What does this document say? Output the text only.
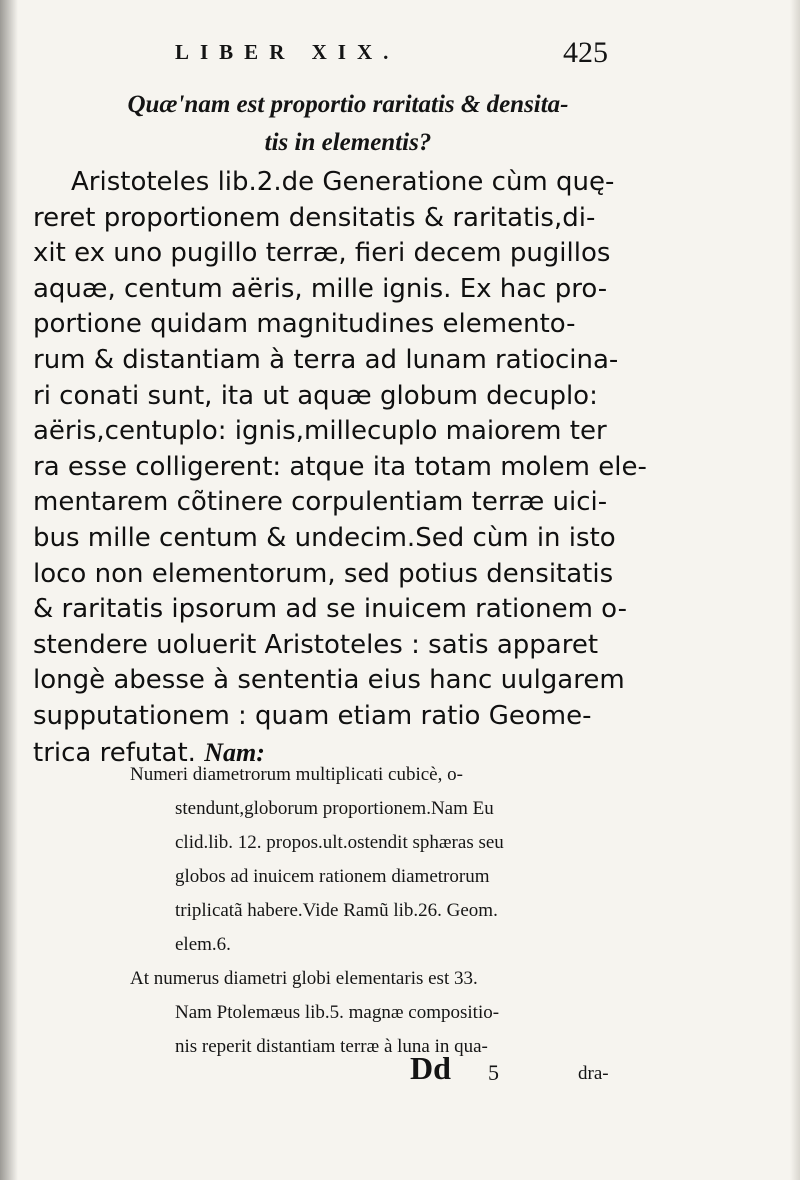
LIBER XIX.	425
Quæ'nam est proportio raritatis & densita-
tis in elementis?
Aristoteles lib.2.de Generatione cùm quę-
reret proportionem densitatis & raritatis,di-
xit ex uno pugillo terræ, fieri decem pugillos
aquæ, centum aëris, mille ignis. Ex hac pro-
portione quidam magnitudines elemento-
rum & distantiam à terra ad lunam ratiocina-
ri conati sunt, ita ut aquæ globum decuplo:
aëris,centuplo: ignis,millecuplo maiorem ter
ra esse colligerent: atque ita totam molem ele-
mentarem cõtinere corpulentiam terræ uici-
bus mille centum & undecim.Sed cùm in isto
loco non elementorum, sed potius densitatis
& raritatis ipsorum ad se inuicem rationem o-
stendere uoluerit Aristoteles : satis apparet
longè abesse à sententia eius hanc uulgarem
supputationem : quam etiam ratio Geome-
trica refutat. Nam:
Numeri diametrorum multiplicati cubicè, o-
stendunt,globorum proportionem.Nam Eu
clid.lib. 12. propos.ult.ostendit sphæras seu
globos ad inuicem rationem diametrorum
triplicatã habere.Vide Ramũ lib.26. Geom.
elem.6.
At numerus diametri globi elementaris est 33.
Nam Ptolemæus lib.5. magnæ compositio-
nis reperit distantiam terræ à luna in qua-
Dd 5	dra-
